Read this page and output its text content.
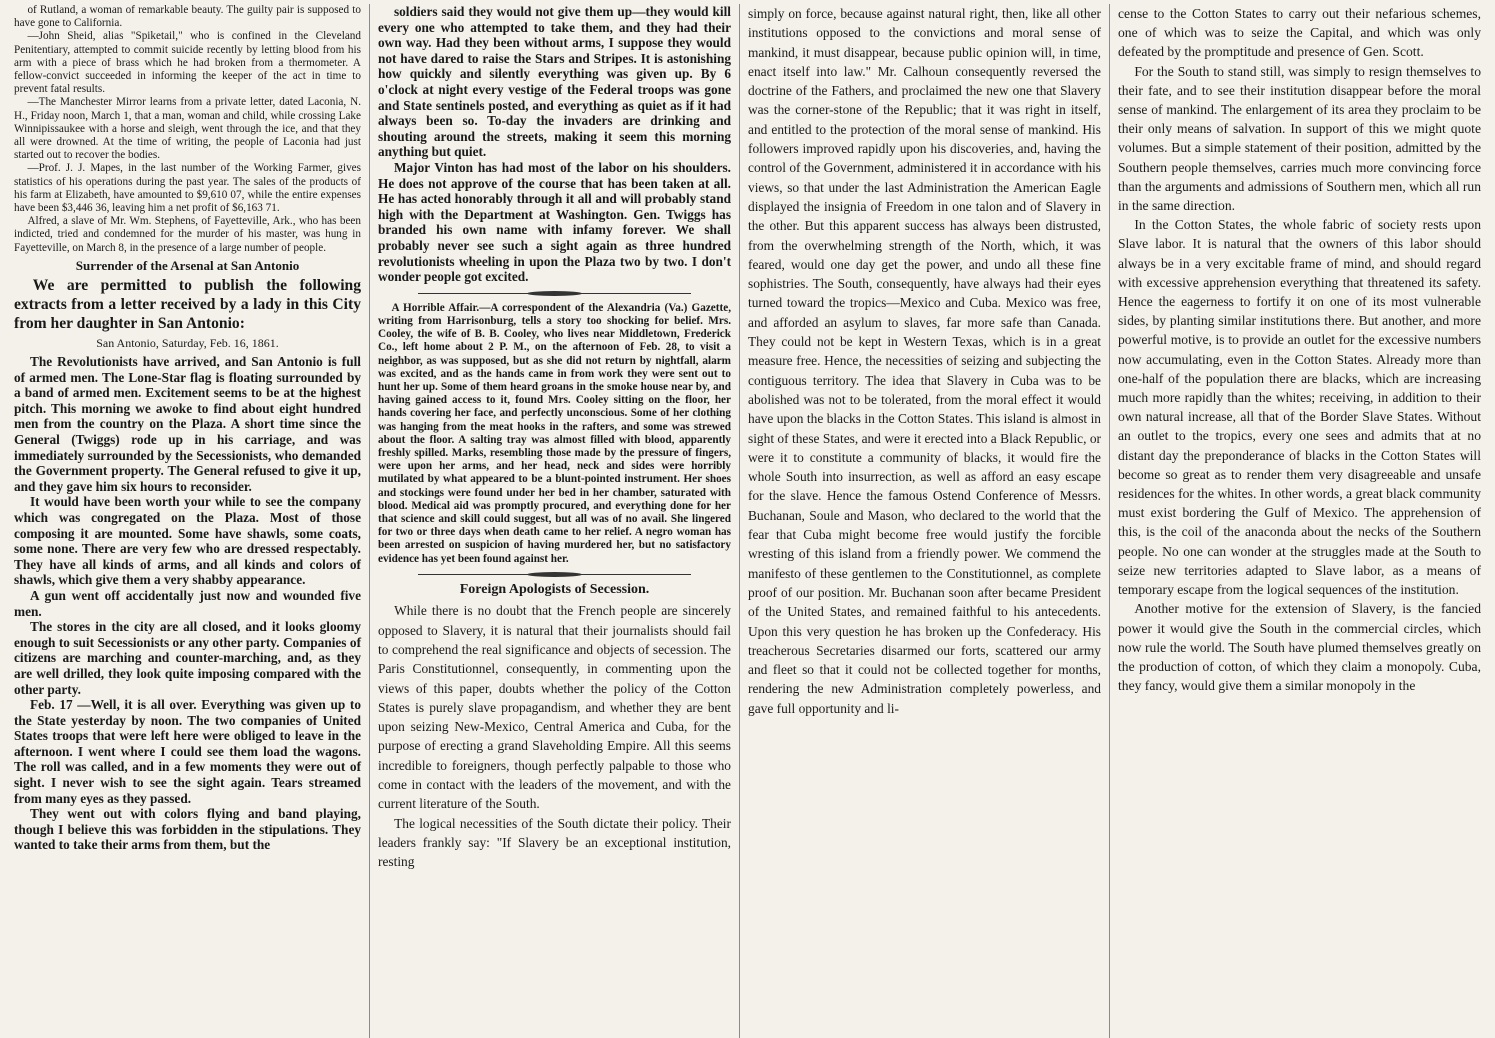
of Rutland, a woman of remarkable beauty. The guilty pair is supposed to have gone to California.

—John Sheid, alias "Spiketail," who is confined in the Cleveland Penitentiary, attempted to commit suicide recently by letting blood from his arm with a piece of brass which he had broken from a thermometer. A fellow-convict succeeded in informing the keeper of the act in time to prevent fatal results.

—The Manchester Mirror learns from a private letter, dated Laconia, N. H., Friday noon, March 1, that a man, woman and child, while crossing Lake Winnipissaukee with a horse and sleigh, went through the ice, and that they all were drowned. At the time of writing, the people of Laconia had just started out to recover the bodies.

—Prof. J. J. Mapes, in the last number of the Working Farmer, gives statistics of his operations during the past year. The sales of the products of his farm at Elizabeth, have amounted to $9,610 07, while the entire expenses have been $3,446 36, leaving him a net profit of $6,163 71.

Alfred, a slave of Mr. Wm. Stephens, of Fayetteville, Ark., who has been indicted, tried and condemned for the murder of his master, was hung in Fayetteville, on March 8, in the presence of a large number of people.

Surrender of the Arsenal at San Antonio

We are permitted to publish the following extracts from a letter received by a lady in this City from her daughter in San Antonio:

San Antonio, Saturday, Feb. 16, 1861.

The Revolutionists have arrived, and San Antonio is full of armed men. The Lone-Star flag is floating surrounded by a band of armed men. Excitement seems to be at the highest pitch. This morning we awoke to find about eight hundred men from the country on the Plaza. A short time since the General (Twiggs) rode up in his carriage, and was immediately surrounded by the Secessionists, who demanded the Government property. The General refused to give it up, and they gave him six hours to reconsider.

It would have been worth your while to see the company which was congregated on the Plaza. Most of those composing it are mounted. Some have shawls, some coats, some none. There are very few who are dressed respectably. They have all kinds of arms, and all kinds and colors of shawls, which give them a very shabby appearance.

A gun went off accidentally just now and wounded five men.

The stores in the city are all closed, and it looks gloomy enough to suit Secessionists or any other party. Companies of citizens are marching and counter-marching, and, as they are well drilled, they look quite imposing compared with the other party.

Feb. 17 —Well, it is all over. Everything was given up to the State yesterday by noon. The two companies of United States troops that were left here were obliged to leave in the afternoon. I went where I could see them load the wagons. The roll was called, and in a few moments they were out of sight. I never wish to see the sight again. Tears streamed from many eyes as they passed.

They went out with colors flying and band playing, though I believe this was forbidden in the stipulations. They wanted to take their arms from them, but the

soldiers said they would not give them up—they would kill every one who attempted to take them, and they had their own way. Had they been without arms, I suppose they would not have dared to raise the Stars and Stripes. It is astonishing how quickly and silently everything was given up. By 6 o'clock at night every vestige of the Federal troops was gone and State sentinels posted, and everything as quiet as if it had always been so. To-day the invaders are drinking and shouting around the streets, making it seem this morning anything but quiet.

Major Vinton has had most of the labor on his shoulders. He does not approve of the course that has been taken at all. He has acted honorably through it all and will probably stand high with the Department at Washington. Gen. Twiggs has branded his own name with infamy forever. We shall probably never see such a sight again as three hundred revolutionists wheeling in upon the Plaza two by two. I don't wonder people got excited.

A Horrible Affair.—A correspondent of the Alexandria (Va.) Gazette, writing from Harrisonburg, tells a story too shocking for belief. Mrs. Cooley, the wife of B. B. Cooley, who lives near Middletown, Frederick Co., left home about 2 P. M., on the afternoon of Feb. 28, to visit a neighbor, as was supposed, but as she did not return by nightfall, alarm was excited, and as the hands came in from work they were sent out to hunt her up. Some of them heard groans in the smoke house near by, and having gained access to it, found Mrs. Cooley sitting on the floor, her hands covering her face, and perfectly unconscious. Some of her clothing was hanging from the meat hooks in the rafters, and some was strewed about the floor. A salting tray was almost filled with blood, apparently freshly spilled. Marks, resembling those made by the pressure of fingers, were upon her arms, and her head, neck and sides were horribly mutilated by what appeared to be a blunt-pointed instrument. Her shoes and stockings were found under her bed in her chamber, saturated with blood. Medical aid was promptly procured, and everything done for her that science and skill could suggest, but all was of no avail. She lingered for two or three days when death came to her relief. A negro woman has been arrested on suspicion of having murdered her, but no satisfactory evidence has yet been found against her.

Foreign Apologists of Secession.

While there is no doubt that the French people are sincerely opposed to Slavery, it is natural that their journalists should fail to comprehend the real significance and objects of secession. The Paris Constitutionnel, consequently, in commenting upon the views of this paper, doubts whether the policy of the Cotton States is purely slave propagandism, and whether they are bent upon seizing New-Mexico, Central America and Cuba, for the purpose of erecting a grand Slaveholding Empire. All this seems incredible to foreigners, though perfectly palpable to those who come in contact with the leaders of the movement, and with the current literature of the South.

The logical necessities of the South dictate their policy. Their leaders frankly say: "If Slavery be an exceptional institution, resting

simply on force, because against natural right, then, like all other institutions opposed to the convictions and moral sense of mankind, it must disappear, because public opinion will, in time, enact itself into law." Mr. Calhoun consequently reversed the doctrine of the Fathers, and proclaimed the new one that Slavery was the corner-stone of the Republic; that it was right in itself, and entitled to the protection of the moral sense of mankind. His followers improved rapidly upon his discoveries, and, having the control of the Government, administered it in accordance with his views, so that under the last Administration the American Eagle displayed the insignia of Freedom in one talon and of Slavery in the other. But this apparent success has always been distrusted, from the overwhelming strength of the North, which, it was feared, would one day get the power, and undo all these fine sophistries. The South, consequently, have always had their eyes turned toward the tropics—Mexico and Cuba. Mexico was free, and afforded an asylum to slaves, far more safe than Canada. They could not be kept in Western Texas, which is in a great measure free. Hence, the necessities of seizing and subjecting the contiguous territory. The idea that Slavery in Cuba was to be abolished was not to be tolerated, from the moral effect it would have upon the blacks in the Cotton States. This island is almost in sight of these States, and were it erected into a Black Republic, or were it to constitute a community of blacks, it would fire the whole South into insurrection, as well as afford an easy escape for the slave. Hence the famous Ostend Conference of Messrs. Buchanan, Soule and Mason, who declared to the world that the fear that Cuba might become free would justify the forcible wresting of this island from a friendly power. We commend the manifesto of these gentlemen to the Constitutionnel, as complete proof of our position. Mr. Buchanan soon after became President of the United States, and remained faithful to his antecedents. Upon this very question he has broken up the Confederacy. His treacherous Secretaries disarmed our forts, scattered our army and fleet so that it could not be collected together for months, rendering the new Administration completely powerless, and gave full opportunity and li-

cense to the Cotton States to carry out their nefarious schemes, one of which was to seize the Capital, and which was only defeated by the promptitude and presence of Gen. Scott.

For the South to stand still, was simply to resign themselves to their fate, and to see their institution disappear before the moral sense of mankind. The enlargement of its area they proclaim to be their only means of salvation. In support of this we might quote volumes. But a simple statement of their position, admitted by the Southern people themselves, carries much more convincing force than the arguments and admissions of Southern men, which all run in the same direction.

In the Cotton States, the whole fabric of society rests upon Slave labor. It is natural that the owners of this labor should always be in a very excitable frame of mind, and should regard with excessive apprehension everything that threatened its safety. Hence the eagerness to fortify it on one of its most vulnerable sides, by planting similar institutions there. But another, and more powerful motive, is to provide an outlet for the excessive numbers now accumulating, even in the Cotton States. Already more than one-half of the population there are blacks, which are increasing much more rapidly than the whites; receiving, in addition to their own natural increase, all that of the Border Slave States. Without an outlet to the tropics, every one sees and admits that at no distant day the preponderance of blacks in the Cotton States will become so great as to render them very disagreeable and unsafe residences for the whites. In other words, a great black community must exist bordering the Gulf of Mexico. The apprehension of this, is the coil of the anaconda about the necks of the Southern people. No one can wonder at the struggles made at the South to seize new territories adapted to Slave labor, as a means of temporary escape from the logical sequences of the institution.

Another motive for the extension of Slavery, is the fancied power it would give the South in the commercial circles, which now rule the world. The South have plumed themselves greatly on the production of cotton, of which they claim a monopoly. Cuba, they fancy, would give them a similar monopoly in the
